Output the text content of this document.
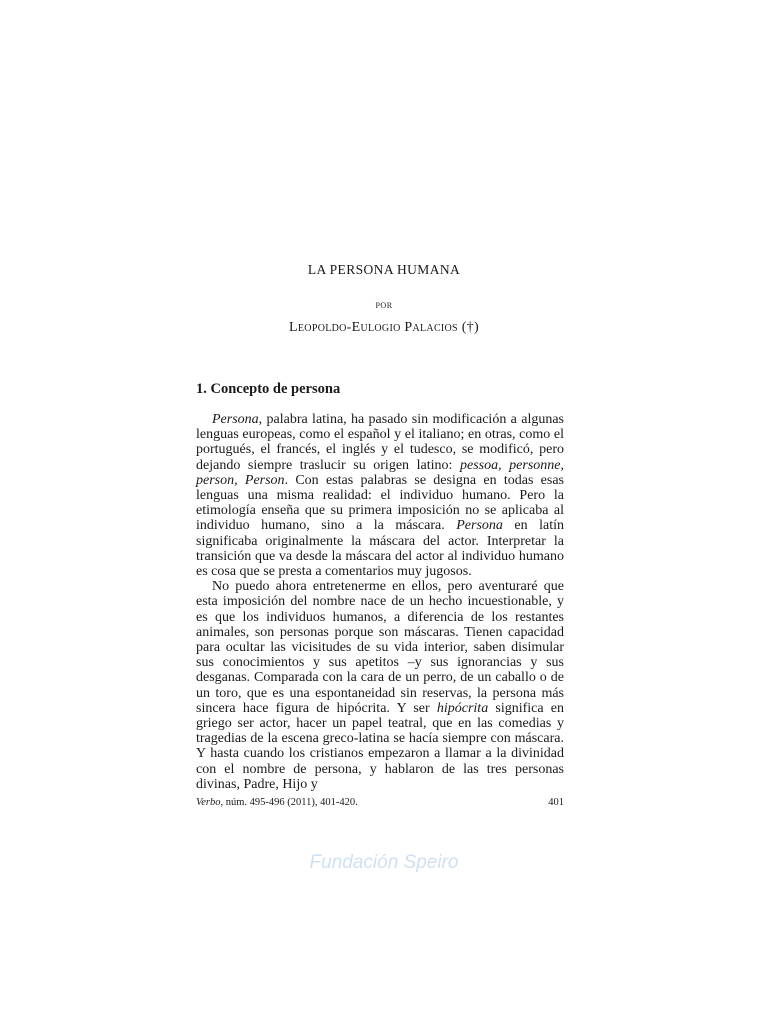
LA PERSONA HUMANA
POR
Leopoldo-Eulogio Palacios (†)
1. Concepto de persona

Persona, palabra latina, ha pasado sin modificación a algunas lenguas europeas, como el español y el italiano; en otras, como el portugués, el francés, el inglés y el tudesco, se modificó, pero dejando siempre traslucir su origen latino: pessoa, personne, person, Person. Con estas palabras se designa en todas esas lenguas una misma realidad: el individuo humano. Pero la etimología enseña que su primera imposición no se aplicaba al individuo humano, sino a la máscara. Persona en latín significaba originalmente la máscara del actor. Interpretar la transición que va desde la máscara del actor al individuo humano es cosa que se presta a comentarios muy jugosos.

No puedo ahora entretenerme en ellos, pero aventuraré que esta imposición del nombre nace de un hecho incuestionable, y es que los individuos humanos, a diferencia de los restantes animales, son personas porque son máscaras. Tienen capacidad para ocultar las vicisitudes de su vida interior, saben disimular sus conocimientos y sus apetitos –y sus ignorancias y sus desganas. Comparada con la cara de un perro, de un caballo o de un toro, que es una espontaneidad sin reservas, la persona más sincera hace figura de hipócrita. Y ser hipócrita significa en griego ser actor, hacer un papel teatral, que en las comedias y tragedias de la escena greco-latina se hacía siempre con máscara. Y hasta cuando los cristianos empezaron a llamar a la divinidad con el nombre de persona, y hablaron de las tres personas divinas, Padre, Hijo y

Verbo, núm. 495-496 (2011), 401-420.	401
Fundación Speiro
